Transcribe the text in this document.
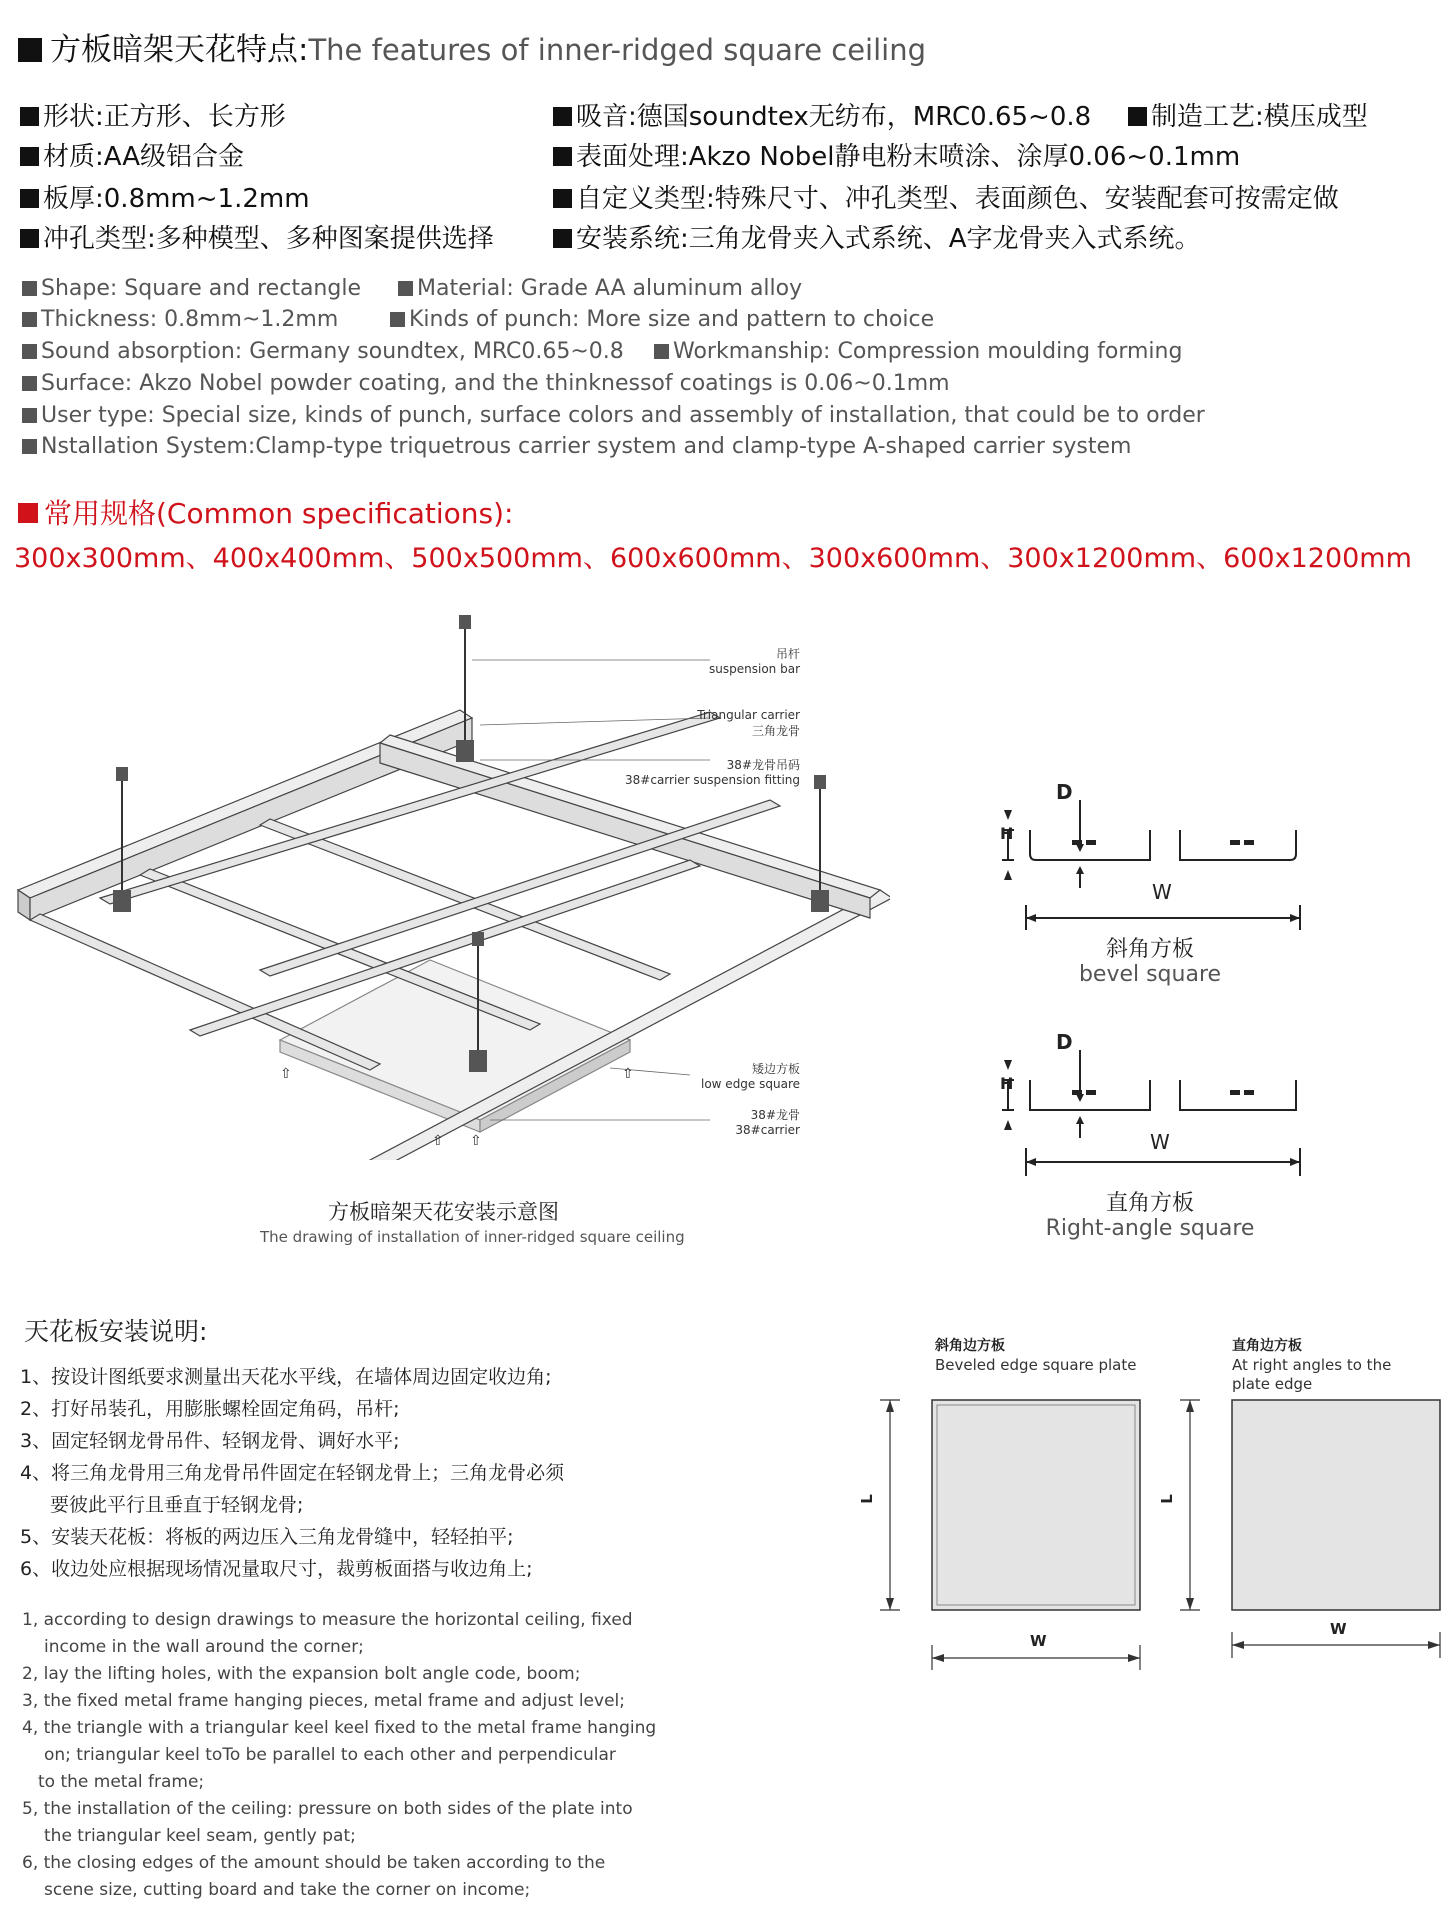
方板暗架天花特点:The features of inner-ridged square ceiling
形状:正方形、长方形
材质:AA级铝合金
板厚:0.8mm~1.2mm
冲孔类型:多种模型、多种图案提供选择
吸音:德国soundtex无纺布，MRC0.65~0.8	制造工艺:模压成型
表面处理:Akzo Nobel静电粉末喷涂、涂厚0.06~0.1mm
自定义类型:特殊尺寸、冲孔类型、表面颜色、安装配套可按需定做
安装系统:三角龙骨夹入式系统、A字龙骨夹入式系统。
Shape: Square and rectangle	Material: Grade AA aluminum alloy
Thickness: 0.8mm~1.2mm	Kinds of punch: More size and pattern to choice
Sound absorption: Germany soundtex, MRC0.65~0.8	Workmanship: Compression moulding forming
Surface: Akzo Nobel powder coating, and the thinknessof coatings is 0.06~0.1mm
User type: Special size, kinds of punch, surface colors and assembly of installation, that could be to order
Nstallation System:Clamp-type triquetrous carrier system and clamp-type A-shaped carrier system
常用规格(Common specifications):
300x300mm、400x400mm、500x500mm、600x600mm、300x600mm、300x1200mm、600x1200mm
⇧	⇧
⇧ ⇧
吊杆
suspension bar
Triangular carrier
三角龙骨
38#龙骨吊码
38#carrier suspension fitting
矮边方板
low edge square
38#龙骨
38#carrier
方板暗架天花安装示意图
The drawing of installation of inner-ridged square ceiling
D
H
W
斜角方板
bevel square
D
H
W
直角方板
Right-angle square
天花板安装说明:
1、按设计图纸要求测量出天花水平线，在墙体周边固定收边角;
2、打好吊装孔，用膨胀螺栓固定角码，吊杆;
3、固定轻钢龙骨吊件、轻钢龙骨、调好水平;
4、将三角龙骨用三角龙骨吊件固定在轻钢龙骨上；三角龙骨必须
要彼此平行且垂直于轻钢龙骨;
5、安装天花板：将板的两边压入三角龙骨缝中，轻轻拍平;
6、收边处应根据现场情况量取尺寸，裁剪板面搭与收边角上;
1, according to design drawings to measure the horizontal ceiling, fixed
income in the wall around the corner;
2, lay the lifting holes, with the expansion bolt angle code, boom;
3, the fixed metal frame hanging pieces, metal frame and adjust level;
4, the triangle with a triangular keel keel fixed to the metal frame hanging
on; triangular keel toTo be parallel to each other and perpendicular
to the metal frame;
5, the installation of the ceiling: pressure on both sides of the plate into
the triangular keel seam, gently pat;
6, the closing edges of the amount should be taken according to the
scene size, cutting board and take the corner on income;
斜角边方板
Beveled edge square plate
直角边方板
At right angles to the
plate edge
L	L
W
W
